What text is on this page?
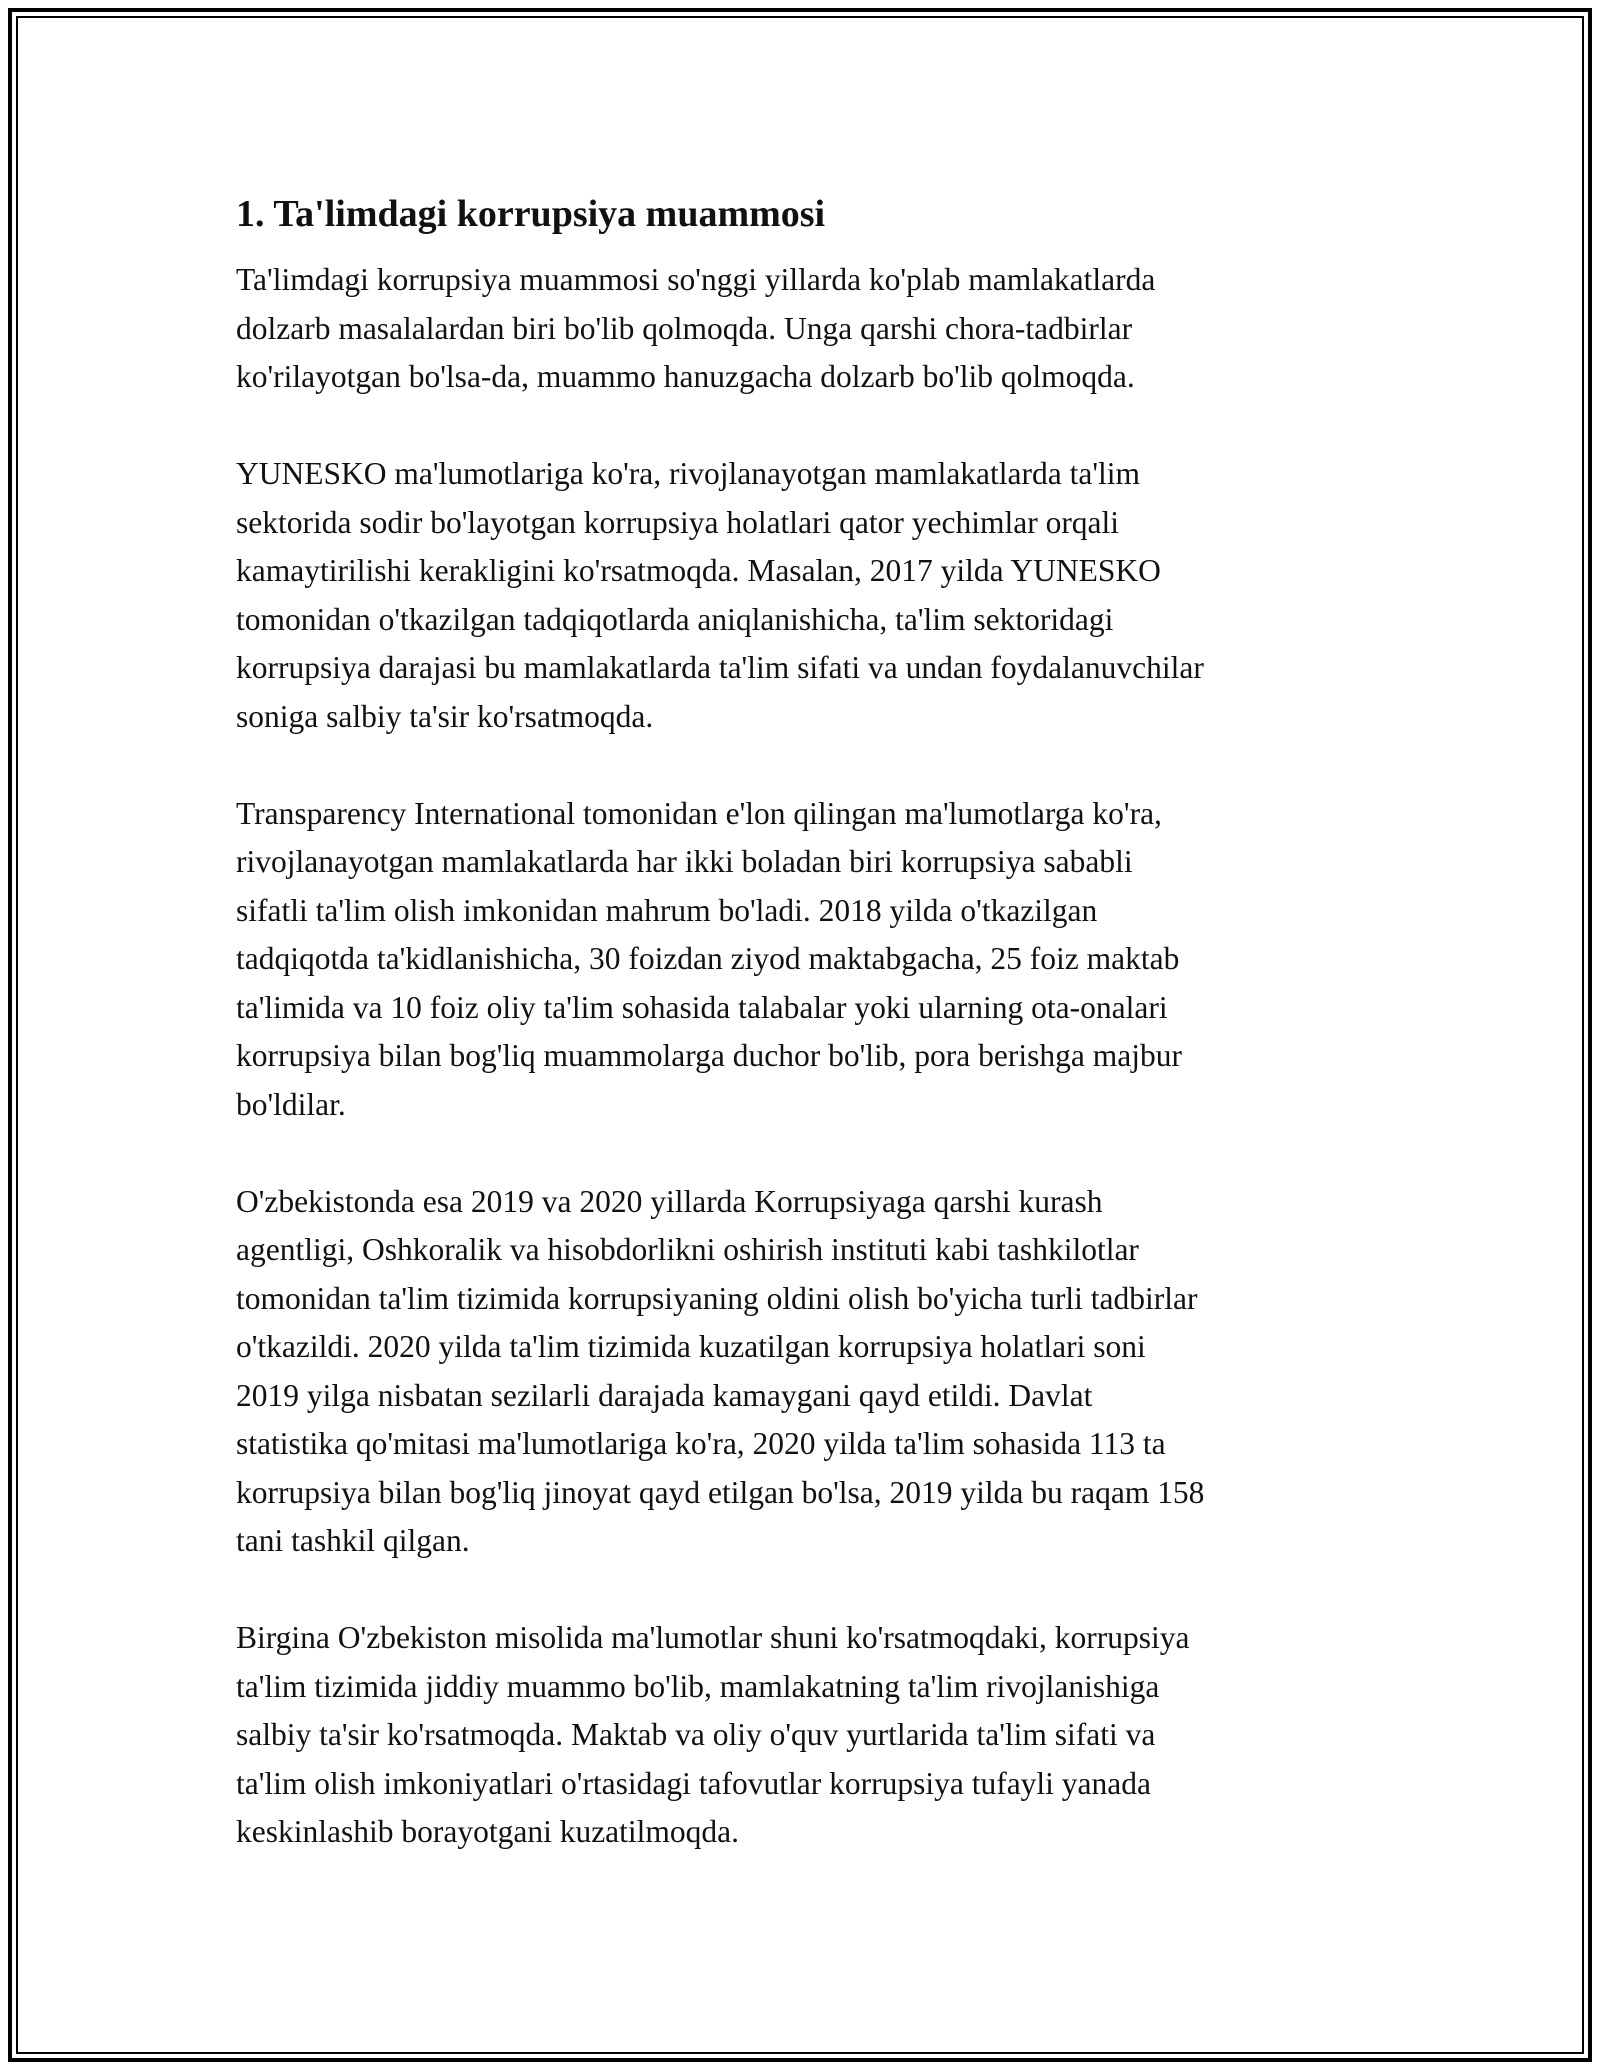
1. Ta'limdagi korrupsiya muammosi

Ta'limdagi korrupsiya muammosi so'nggi yillarda ko'plab mamlakatlarda
dolzarb masalalardan biri bo'lib qolmoqda. Unga qarshi chora-tadbirlar
ko'rilayotgan bo'lsa-da, muammo hanuzgacha dolzarb bo'lib qolmoqda.

YUNESKO ma'lumotlariga ko'ra, rivojlanayotgan mamlakatlarda ta'lim
sektorida sodir bo'layotgan korrupsiya holatlari qator yechimlar orqali
kamaytirilishi kerakligini ko'rsatmoqda. Masalan, 2017 yilda YUNESKO
tomonidan o'tkazilgan tadqiqotlarda aniqlanishicha, ta'lim sektoridagi
korrupsiya darajasi bu mamlakatlarda ta'lim sifati va undan foydalanuvchilar
soniga salbiy ta'sir ko'rsatmoqda.

Transparency International tomonidan e'lon qilingan ma'lumotlarga ko'ra,
rivojlanayotgan mamlakatlarda har ikki boladan biri korrupsiya sababli
sifatli ta'lim olish imkonidan mahrum bo'ladi. 2018 yilda o'tkazilgan
tadqiqotda ta'kidlanishicha, 30 foizdan ziyod maktabgacha, 25 foiz maktab
ta'limida va 10 foiz oliy ta'lim sohasida talabalar yoki ularning ota-onalari
korrupsiya bilan bog'liq muammolarga duchor bo'lib, pora berishga majbur
bo'ldilar.

O'zbekistonda esa 2019 va 2020 yillarda Korrupsiyaga qarshi kurash
agentligi, Oshkoralik va hisobdorlikni oshirish instituti kabi tashkilotlar
tomonidan ta'lim tizimida korrupsiyaning oldini olish bo'yicha turli tadbirlar
o'tkazildi. 2020 yilda ta'lim tizimida kuzatilgan korrupsiya holatlari soni
2019 yilga nisbatan sezilarli darajada kamaygani qayd etildi. Davlat
statistika qo'mitasi ma'lumotlariga ko'ra, 2020 yilda ta'lim sohasida 113 ta
korrupsiya bilan bog'liq jinoyat qayd etilgan bo'lsa, 2019 yilda bu raqam 158
tani tashkil qilgan.

Birgina O'zbekiston misolida ma'lumotlar shuni ko'rsatmoqdaki, korrupsiya
ta'lim tizimida jiddiy muammo bo'lib, mamlakatning ta'lim rivojlanishiga
salbiy ta'sir ko'rsatmoqda. Maktab va oliy o'quv yurtlarida ta'lim sifati va
ta'lim olish imkoniyatlari o'rtasidagi tafovutlar korrupsiya tufayli yanada
keskinlashib borayotgani kuzatilmoqda.
